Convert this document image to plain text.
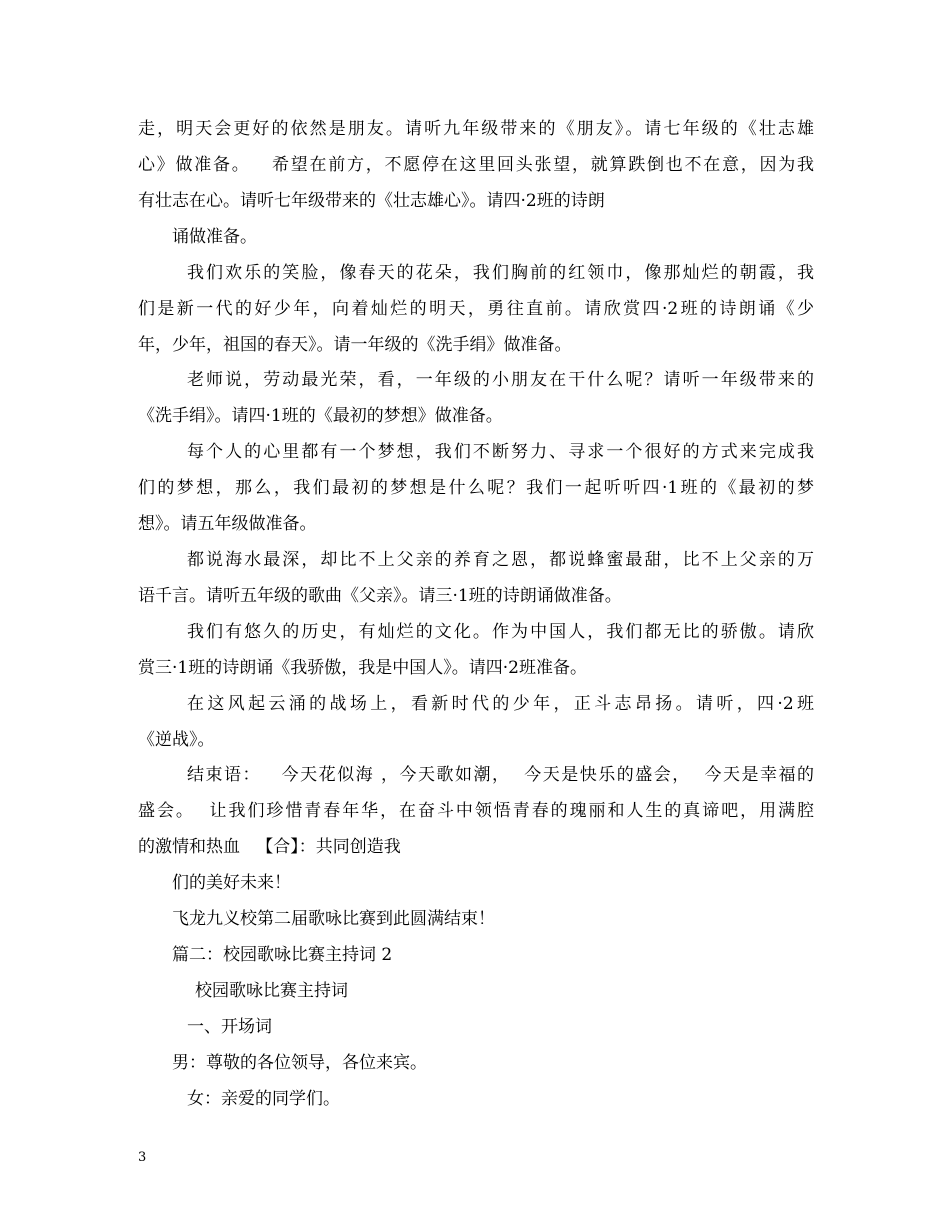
走，明天会更好的依然是朋友。请听九年级带来的《朋友》。请七年级的《壮志雄
心》做准备。   希望在前方，不愿停在这里回头张望，就算跌倒也不在意，因为我
有壮志在心。请听七年级带来的《壮志雄心》。请四·2班的诗朗
诵做准备。
我们欢乐的笑脸，像春天的花朵，我们胸前的红领巾，像那灿烂的朝霞，我
们是新一代的好少年，向着灿烂的明天，勇往直前。请欣赏四·2班的诗朗诵《少
年，少年，祖国的春天》。请一年级的《洗手绢》做准备。
老师说，劳动最光荣，看，一年级的小朋友在干什么呢？请听一年级带来的
《洗手绢》。请四·1班的《最初的梦想》做准备。
每个人的心里都有一个梦想，我们不断努力、寻求一个很好的方式来完成我
们的梦想，那么，我们最初的梦想是什么呢？我们一起听听四·1班的《最初的梦
想》。请五年级做准备。
都说海水最深，却比不上父亲的养育之恩，都说蜂蜜最甜，比不上父亲的万
语千言。请听五年级的歌曲《父亲》。请三·1班的诗朗诵做准备。
我们有悠久的历史，有灿烂的文化。作为中国人，我们都无比的骄傲。请欣
赏三·1班的诗朗诵《我骄傲，我是中国人》。请四·2班准备。
在这风起云涌的战场上，看新时代的少年，正斗志昂扬。请听，四·2班
《逆战》。
结束语：   今天花似海 ，今天歌如潮，  今天是快乐的盛会，  今天是幸福的
盛会。  让我们珍惜青春年华，在奋斗中领悟青春的瑰丽和人生的真谛吧，用满腔
的激情和热血   【合】：共同创造我
们的美好未来！
飞龙九义校第二届歌咏比赛到此圆满结束！
篇二：校园歌咏比赛主持词 2
校园歌咏比赛主持词
一、开场词
男：尊敬的各位领导，各位来宾。
女：亲爱的同学们。
3
